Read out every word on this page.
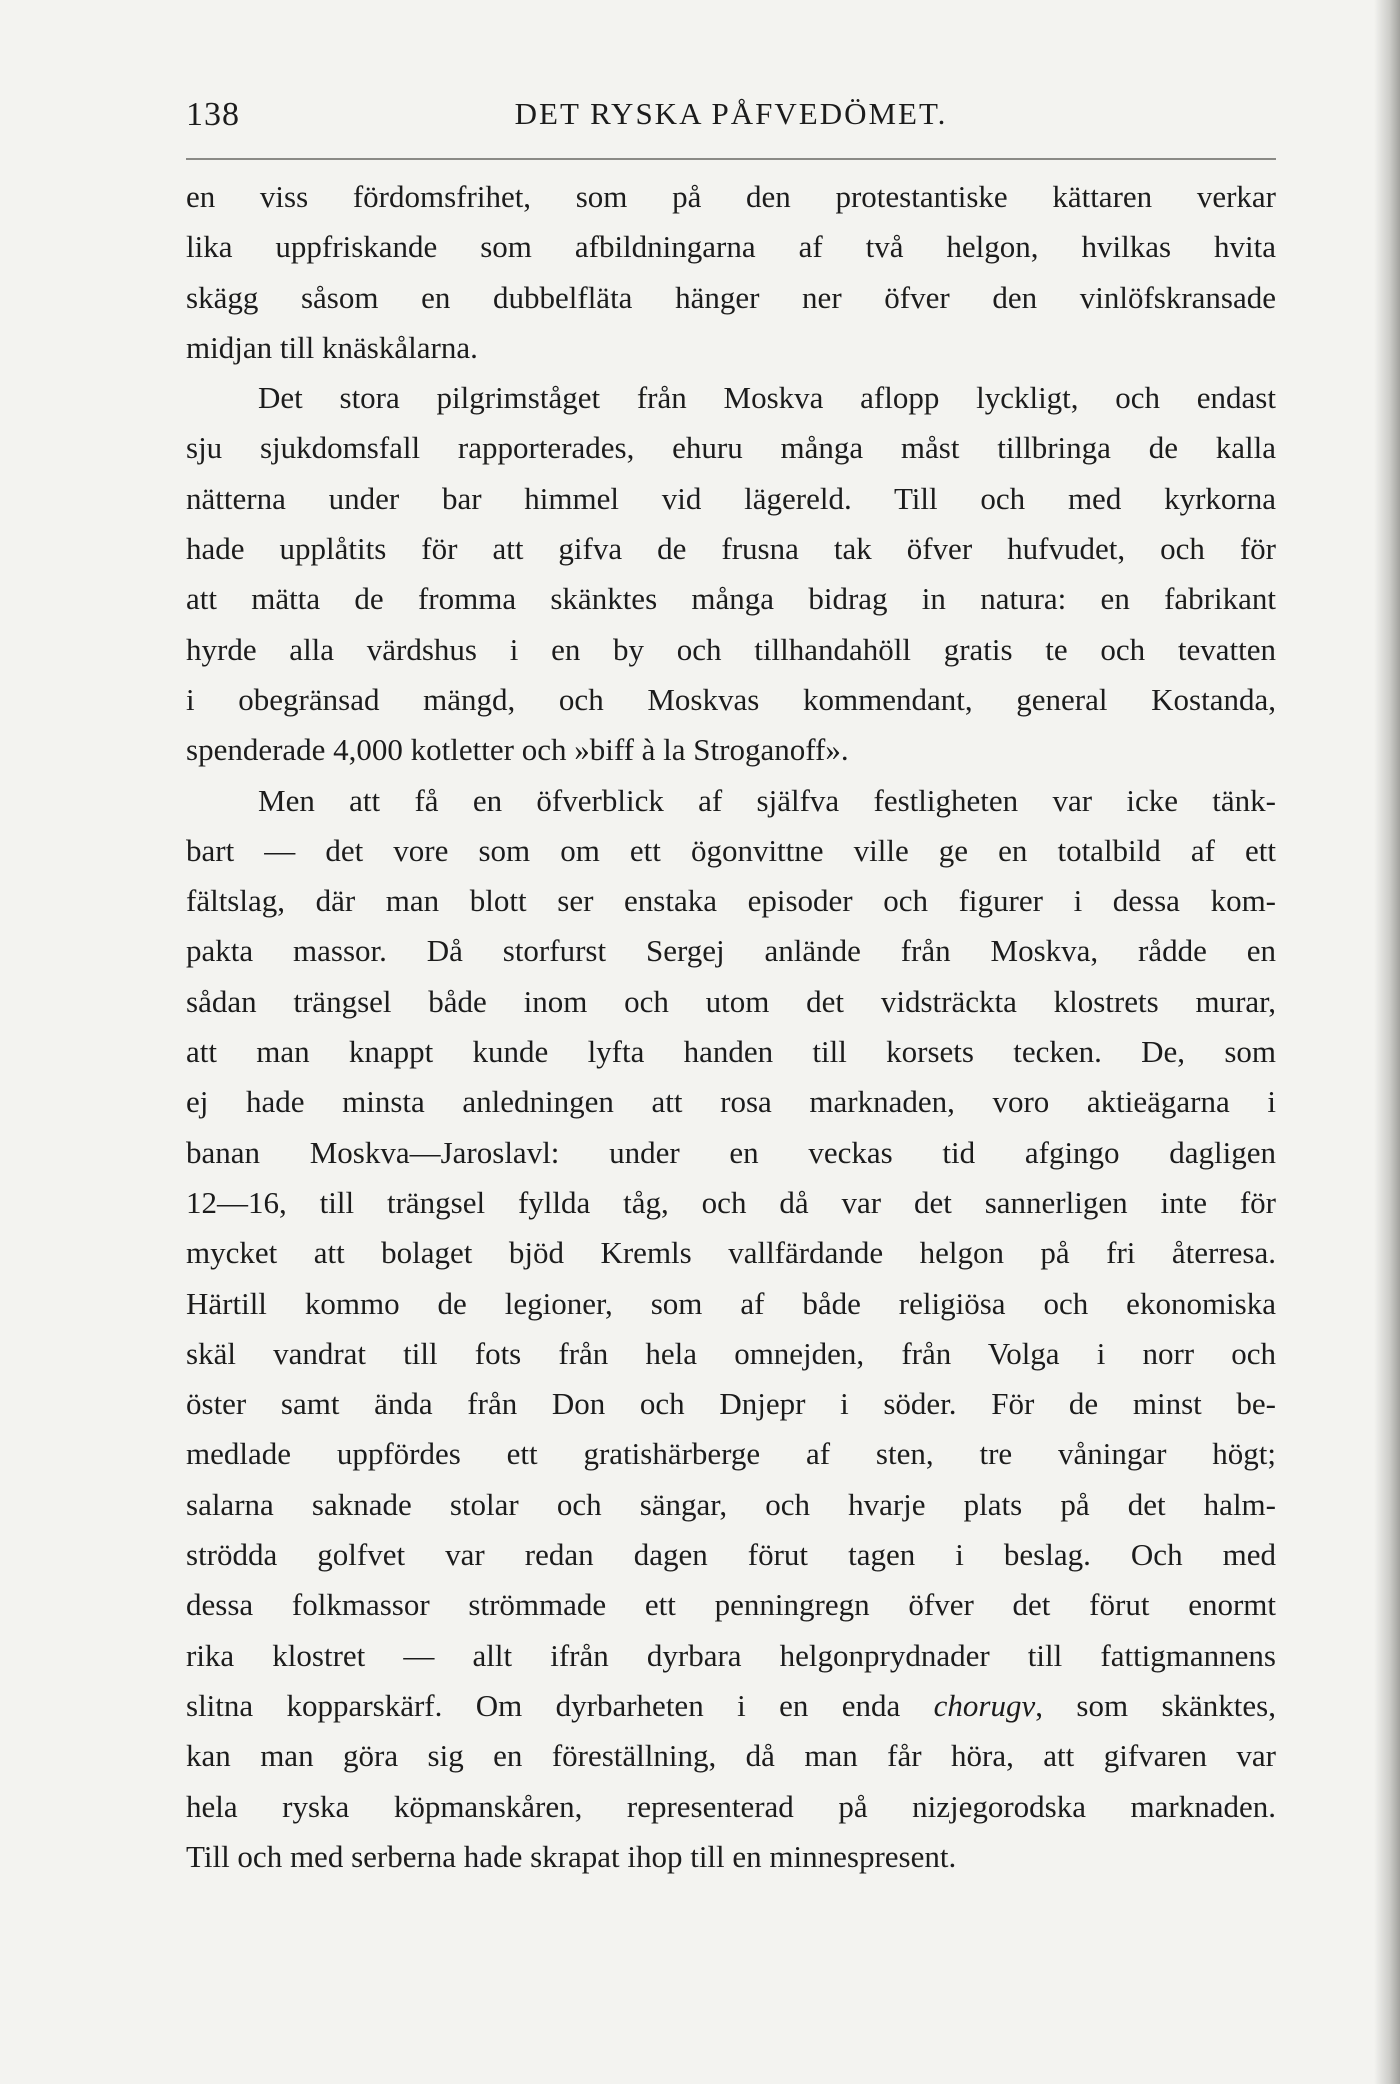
138	DET RYSKA PÅFVEDÖMET.
en viss fördomsfrihet, som på den protestantiske kättaren verkar
lika uppfriskande som afbildningarna af två helgon, hvilkas hvita
skägg såsom en dubbelfläta hänger ner öfver den vinlöfskransade
midjan till knäskålarna.
Det stora pilgrimståget från Moskva aflopp lyckligt, och endast
sju sjukdomsfall rapporterades, ehuru många måst tillbringa de kalla
nätterna under bar himmel vid lägereld. Till och med kyrkorna
hade upplåtits för att gifva de frusna tak öfver hufvudet, och för
att mätta de fromma skänktes många bidrag in natura: en fabrikant
hyrde alla värdshus i en by och tillhandahöll gratis te och tevatten
i obegränsad mängd, och Moskvas kommendant, general Kostanda,
spenderade 4,000 kotletter och »biff à la Stroganoff».
Men att få en öfverblick af själfva festligheten var icke tänk-
bart — det vore som om ett ögonvittne ville ge en totalbild af ett
fältslag, där man blott ser enstaka episoder och figurer i dessa kom-
pakta massor. Då storfurst Sergej anlände från Moskva, rådde en
sådan trängsel både inom och utom det vidsträckta klostrets murar,
att man knappt kunde lyfta handen till korsets tecken. De, som
ej hade minsta anledningen att rosa marknaden, voro aktieägarna i
banan Moskva—Jaroslavl: under en veckas tid afgingo dagligen
12—16, till trängsel fyllda tåg, och då var det sannerligen inte för
mycket att bolaget bjöd Kremls vallfärdande helgon på fri återresa.
Härtill kommo de legioner, som af både religiösa och ekonomiska
skäl vandrat till fots från hela omnejden, från Volga i norr och
öster samt ända från Don och Dnjepr i söder. För de minst be-
medlade uppfördes ett gratishärberge af sten, tre våningar högt;
salarna saknade stolar och sängar, och hvarje plats på det halm-
strödda golfvet var redan dagen förut tagen i beslag. Och med
dessa folkmassor strömmade ett penningregn öfver det förut enormt
rika klostret — allt ifrån dyrbara helgonprydnader till fattigmannens
slitna kopparskärf. Om dyrbarheten i en enda chorugv, som skänktes,
kan man göra sig en föreställning, då man får höra, att gifvaren var
hela ryska köpmanskåren, representerad på nizjegorodska marknaden.
Till och med serberna hade skrapat ihop till en minnespresent.
